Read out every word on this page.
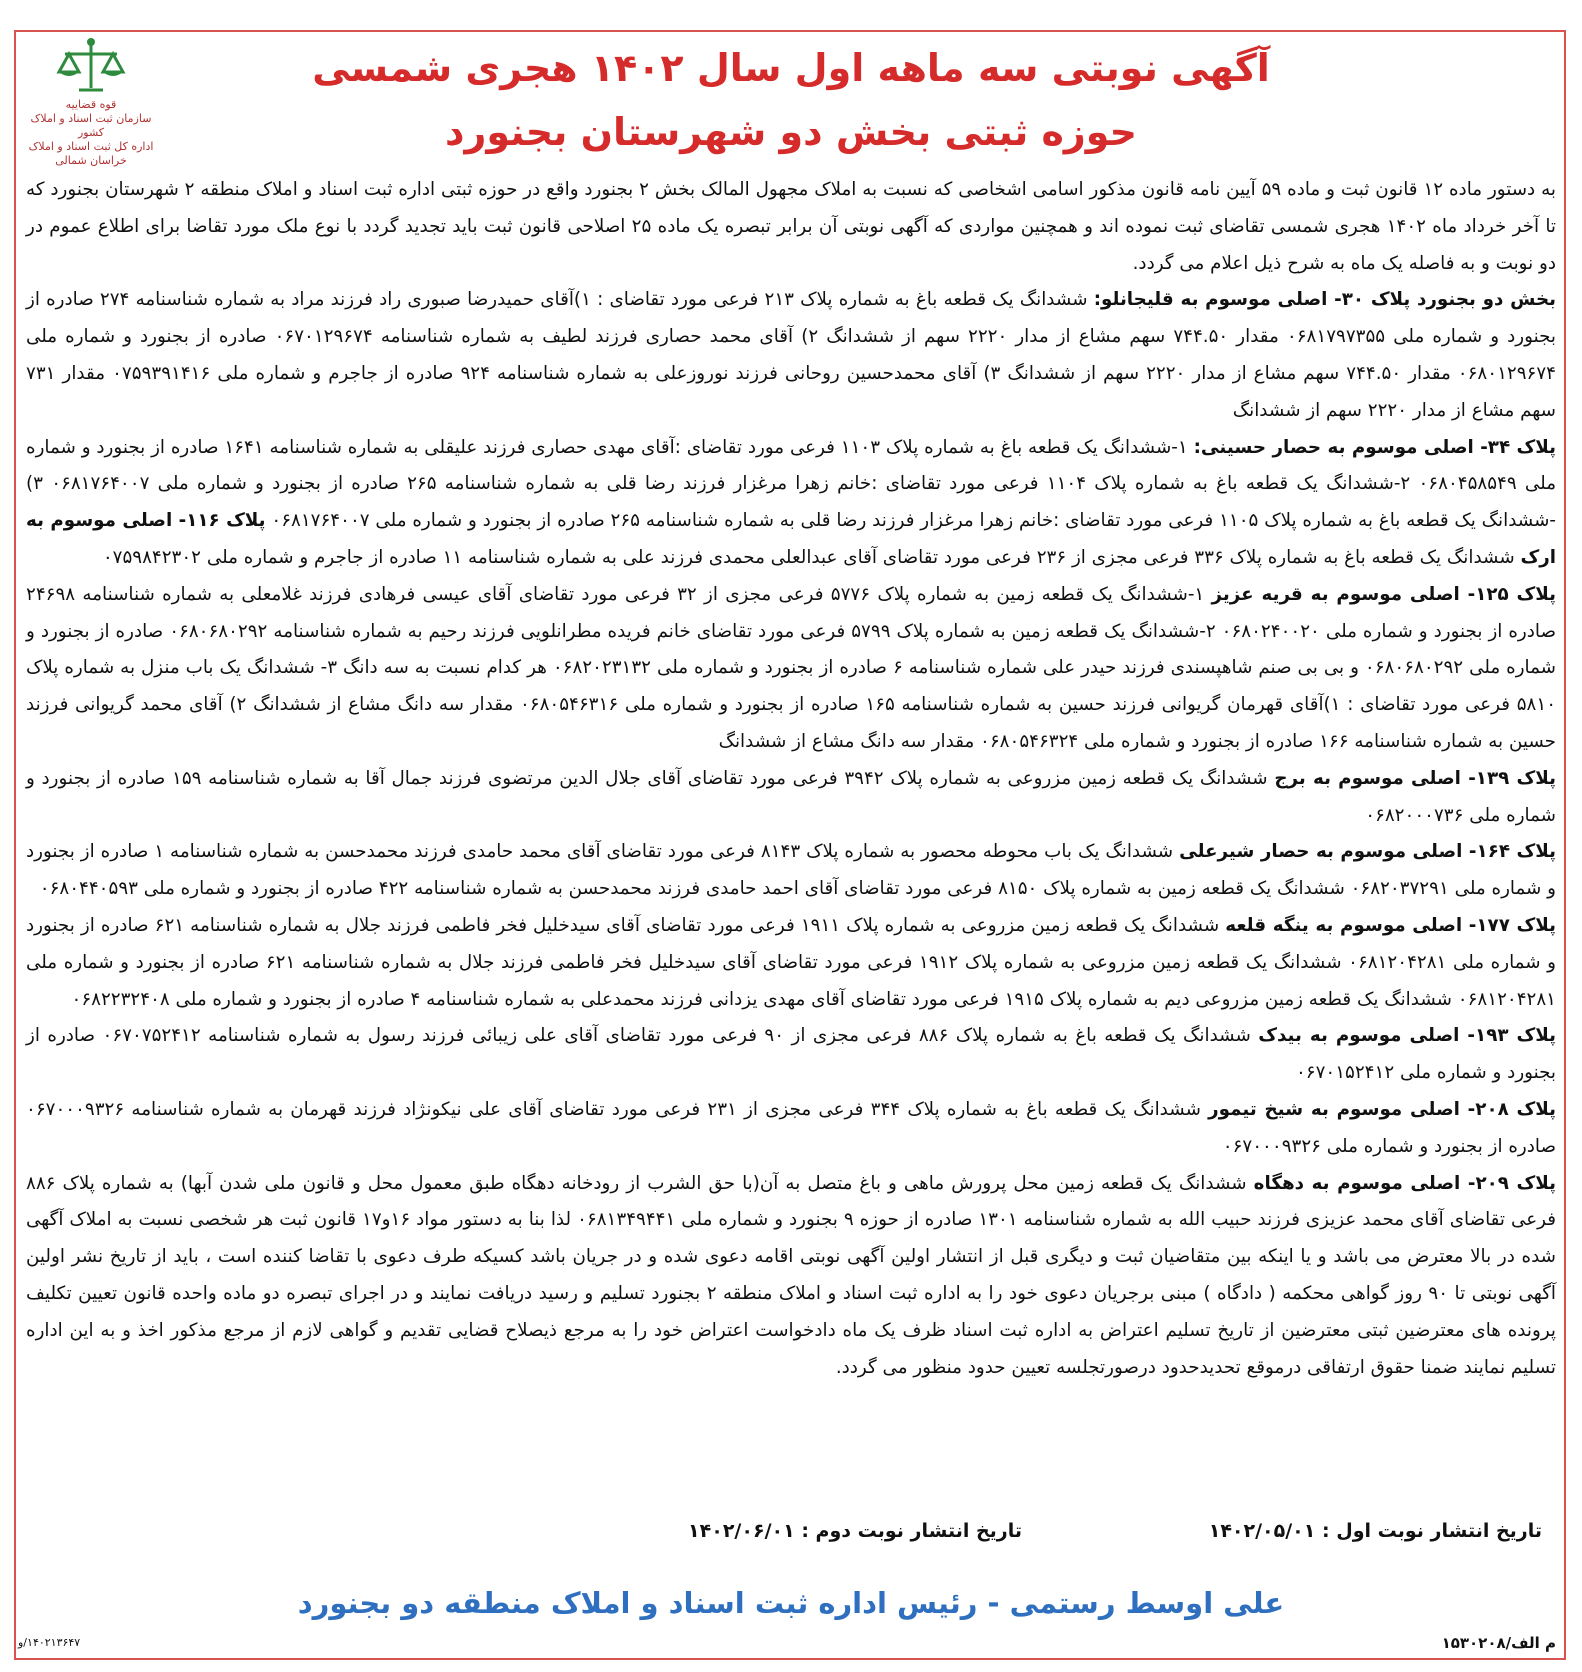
قوه قضاییه
سازمان ثبت اسناد و املاک کشور
اداره کل ثبت اسناد و املاک خراسان شمالی
آگهی نوبتی سه ماهه اول سال ۱۴۰۲ هجری شمسی
حوزه ثبتی بخش دو شهرستان بجنورد

به دستور ماده ۱۲ قانون ثبت و ماده ۵۹ آیین نامه قانون مذکور اسامی اشخاصی که نسبت به املاک مجهول المالک بخش ۲ بجنورد واقع در حوزه ثبتی اداره ثبت اسناد و املاک منطقه ۲ شهرستان بجنورد که تا آخر خرداد ماه ۱۴۰۲ هجری شمسی تقاضای ثبت نموده اند و همچنین مواردی که آگهی نوبتی آن برابر تبصره یک ماده ۲۵ اصلاحی قانون ثبت باید تجدید گردد با نوع ملک مورد تقاضا برای اطلاع عموم در دو نوبت و به فاصله یک ماه به شرح ذیل اعلام می گردد.

بخش دو بجنورد پلاک ۳۰- اصلی موسوم به قلیجانلو: ششدانگ یک قطعه باغ به شماره پلاک ۲۱۳ فرعی مورد تقاضای : ۱)آقای حمیدرضا صبوری راد فرزند مراد به شماره شناسنامه ۲۷۴ صادره از بجنورد و شماره ملی ۰۶۸۱۷۹۷۳۵۵ مقدار ۷۴۴.۵۰ سهم مشاع از مدار ۲۲۲۰ سهم از ششدانگ ۲) آقای محمد حصاری فرزند لطیف به شماره شناسنامه ۰۶۷۰۱۲۹۶۷۴ صادره از بجنورد و شماره ملی ۰۶۸۰۱۲۹۶۷۴ مقدار ۷۴۴.۵۰ سهم مشاع از مدار ۲۲۲۰ سهم از ششدانگ ۳) آقای محمدحسین روحانی فرزند نوروزعلی به شماره شناسنامه ۹۲۴ صادره از جاجرم و شماره ملی ۰۷۵۹۳۹۱۴۱۶ مقدار ۷۳۱ سهم مشاع از مدار ۲۲۲۰ سهم از ششدانگ

پلاک ۳۴- اصلی موسوم به حصار حسینی: ۱-ششدانگ یک قطعه باغ به شماره پلاک ۱۱۰۳ فرعی مورد تقاضای :آقای مهدی حصاری فرزند علیقلی به شماره شناسنامه ۱۶۴۱ صادره از بجنورد و شماره ملی ۰۶۸۰۴۵۸۵۴۹ ۲-ششدانگ یک قطعه باغ به شماره پلاک ۱۱۰۴ فرعی مورد تقاضای :خانم زهرا مرغزار فرزند رضا قلی به شماره شناسنامه ۲۶۵ صادره از بجنورد و شماره ملی ۰۶۸۱۷۶۴۰۰۷ ۳) -ششدانگ یک قطعه باغ به شماره پلاک ۱۱۰۵ فرعی مورد تقاضای :خانم زهرا مرغزار فرزند رضا قلی به شماره شناسنامه ۲۶۵ صادره از بجنورد و شماره ملی ۰۶۸۱۷۶۴۰۰۷ پلاک ۱۱۶- اصلی موسوم به ارک ششدانگ یک قطعه باغ به شماره پلاک ۳۳۶ فرعی مجزی از ۲۳۶ فرعی مورد تقاضای آقای عبدالعلی محمدی فرزند علی به شماره شناسنامه ۱۱ صادره از جاجرم و شماره ملی ۰۷۵۹۸۴۲۳۰۲

پلاک ۱۲۵- اصلی موسوم به قریه عزیز ۱-ششدانگ یک قطعه زمین به شماره پلاک ۵۷۷۶ فرعی مجزی از ۳۲ فرعی مورد تقاضای آقای عیسی فرهادی فرزند غلامعلی به شماره شناسنامه ۲۴۶۹۸ صادره از بجنورد و شماره ملی ۰۶۸۰۲۴۰۰۲۰ ۲-ششدانگ یک قطعه زمین به شماره پلاک ۵۷۹۹ فرعی مورد تقاضای خانم فریده مطرانلویی فرزند رحیم به شماره شناسنامه ۰۶۸۰۶۸۰۲۹۲ صادره از بجنورد و شماره ملی ۰۶۸۰۶۸۰۲۹۲ و بی بی صنم شاهپسندی فرزند حیدر علی شماره شناسنامه ۶ صادره از بجنورد و شماره ملی ۰۶۸۲۰۲۳۱۳۲ هر کدام نسبت به سه دانگ ۳- ششدانگ یک باب منزل به شماره پلاک ۵۸۱۰ فرعی مورد تقاضای : ۱)آقای قهرمان گریوانی فرزند حسین به شماره شناسنامه ۱۶۵ صادره از بجنورد و شماره ملی ۰۶۸۰۵۴۶۳۱۶ مقدار سه دانگ مشاع از ششدانگ ۲) آقای محمد گریوانی فرزند حسین به شماره شناسنامه ۱۶۶ صادره از بجنورد و شماره ملی ۰۶۸۰۵۴۶۳۲۴ مقدار سه دانگ مشاع از ششدانگ

پلاک ۱۳۹- اصلی موسوم به برج ششدانگ یک قطعه زمین مزروعی به شماره پلاک ۳۹۴۲ فرعی مورد تقاضای آقای جلال الدین مرتضوی فرزند جمال آقا به شماره شناسنامه ۱۵۹ صادره از بجنورد و شماره ملی ۰۶۸۲۰۰۰۷۳۶

پلاک ۱۶۴- اصلی موسوم به حصار شیرعلی ششدانگ یک باب محوطه محصور به شماره پلاک ۸۱۴۳ فرعی مورد تقاضای آقای محمد حامدی فرزند محمدحسن به شماره شناسنامه ۱ صادره از بجنورد و شماره ملی ۰۶۸۲۰۳۷۲۹۱ ششدانگ یک قطعه زمین به شماره پلاک ۸۱۵۰ فرعی مورد تقاضای آقای احمد حامدی فرزند محمدحسن به شماره شناسنامه ۴۲۲ صادره از بجنورد و شماره ملی ۰۶۸۰۴۴۰۵۹۳

پلاک ۱۷۷- اصلی موسوم به ینگه قلعه ششدانگ یک قطعه زمین مزروعی به شماره پلاک ۱۹۱۱ فرعی مورد تقاضای آقای سیدخلیل فخر فاطمی فرزند جلال به شماره شناسنامه ۶۲۱ صادره از بجنورد و شماره ملی ۰۶۸۱۲۰۴۲۸۱ ششدانگ یک قطعه زمین مزروعی به شماره پلاک ۱۹۱۲ فرعی مورد تقاضای آقای سیدخلیل فخر فاطمی فرزند جلال به شماره شناسنامه ۶۲۱ صادره از بجنورد و شماره ملی ۰۶۸۱۲۰۴۲۸۱ ششدانگ یک قطعه زمین مزروعی دیم به شماره پلاک ۱۹۱۵ فرعی مورد تقاضای آقای مهدی یزدانی فرزند محمدعلی به شماره شناسنامه ۴ صادره از بجنورد و شماره ملی ۰۶۸۲۲۳۲۴۰۸

پلاک ۱۹۳- اصلی موسوم به بیدک ششدانگ یک قطعه باغ به شماره پلاک ۸۸۶ فرعی مجزی از ۹۰ فرعی مورد تقاضای آقای علی زیبائی فرزند رسول به شماره شناسنامه ۰۶۷۰۷۵۲۴۱۲ صادره از بجنورد و شماره ملی ۰۶۷۰۱۵۲۴۱۲

پلاک ۲۰۸- اصلی موسوم به شیخ تیمور ششدانگ یک قطعه باغ به شماره پلاک ۳۴۴ فرعی مجزی از ۲۳۱ فرعی مورد تقاضای آقای علی نیکونژاد فرزند قهرمان به شماره شناسنامه ۰۶۷۰۰۰۹۳۲۶ صادره از بجنورد و شماره ملی ۰۶۷۰۰۰۹۳۲۶

پلاک ۲۰۹- اصلی موسوم به دهگاه ششدانگ یک قطعه زمین محل پرورش ماهی و باغ متصل به آن(با حق الشرب از رودخانه دهگاه طبق معمول محل و قانون ملی شدن آبها) به شماره پلاک ۸۸۶ فرعی تقاضای آقای محمد عزیزی فرزند حبیب الله به شماره شناسنامه ۱۳۰۱ صادره از حوزه ۹ بجنورد و شماره ملی ۰۶۸۱۳۴۹۴۴۱ لذا بنا به دستور مواد ۱۶و۱۷ قانون ثبت هر شخصی نسبت به املاک آگهی شده در بالا معترض می باشد و یا اینکه بین متقاضیان ثبت و دیگری قبل از انتشار اولین آگهی نوبتی اقامه دعوی شده و در جریان باشد کسیکه طرف دعوی با تقاضا کننده است ، باید از تاریخ نشر اولین آگهی نوبتی تا ۹۰ روز گواهی محکمه ( دادگاه ) مبنی برجریان دعوی خود را به اداره ثبت اسناد و املاک منطقه ۲ بجنورد تسلیم و رسید دریافت نمایند و در اجرای تبصره دو ماده واحده قانون تعیین تکلیف پرونده های معترضین ثبتی معترضین از تاریخ تسلیم اعتراض به اداره ثبت اسناد ظرف یک ماه دادخواست اعتراض خود را به مرجع ذیصلاح قضایی تقدیم و گواهی لازم از مرجع مذکور اخذ و به این اداره تسلیم نمایند ضمنا حقوق ارتفاقی درموقع تحدیدحدود درصورتجلسه تعیین حدود منظور می گردد.

تاریخ انتشار نوبت اول : ۱۴۰۲/۰۵/۰۱
تاریخ انتشار نوبت دوم : ۱۴۰۲/۰۶/۰۱
علی اوسط رستمی - رئیس اداره ثبت اسناد و املاک منطقه دو بجنورد
م الف/۱۵۳۰۲۰۸
۱۴۰۲۱۳۶۴۷/و
